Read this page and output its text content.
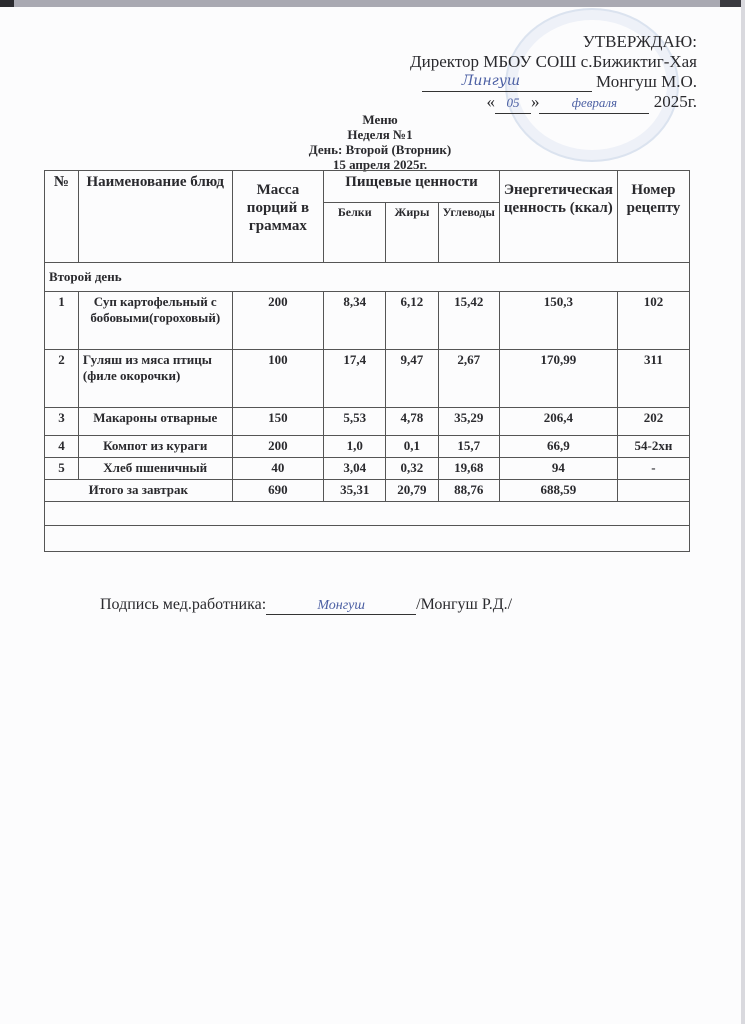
УТВЕРЖДАЮ:
Директор МБОУ СОШ с.Бижиктиг-Хая
Лингуш	Монгуш М.О.
« 05 » февраля 2025г.
Меню
Неделя №1
День: Второй (Вторник)
15 апреля 2025г.
№	Наименование блюд	Масса порций в граммах	Пищевые ценности			Энергетическая ценность (ккал)	Номер рецепту
			Белки	Жиры	Углеводы		
Второй день							
1	Суп картофельный с бобовыми(гороховый)	200	8,34	6,12	15,42	150,3	102
2	Гуляш из мяса птицы (филе окорочки)	100	17,4	9,47	2,67	170,99	311
3	Макароны отварные	150	5,53	4,78	35,29	206,4	202
4	Компот из кураги	200	1,0	0,1	15,7	66,9	54-2хн
5	Хлеб пшеничный	40	3,04	0,32	19,68	94	-
Итого за завтрак		690	35,31	20,79	88,76	688,59	

Подпись мед.работника:	Монгуш	/Монгуш Р.Д./
